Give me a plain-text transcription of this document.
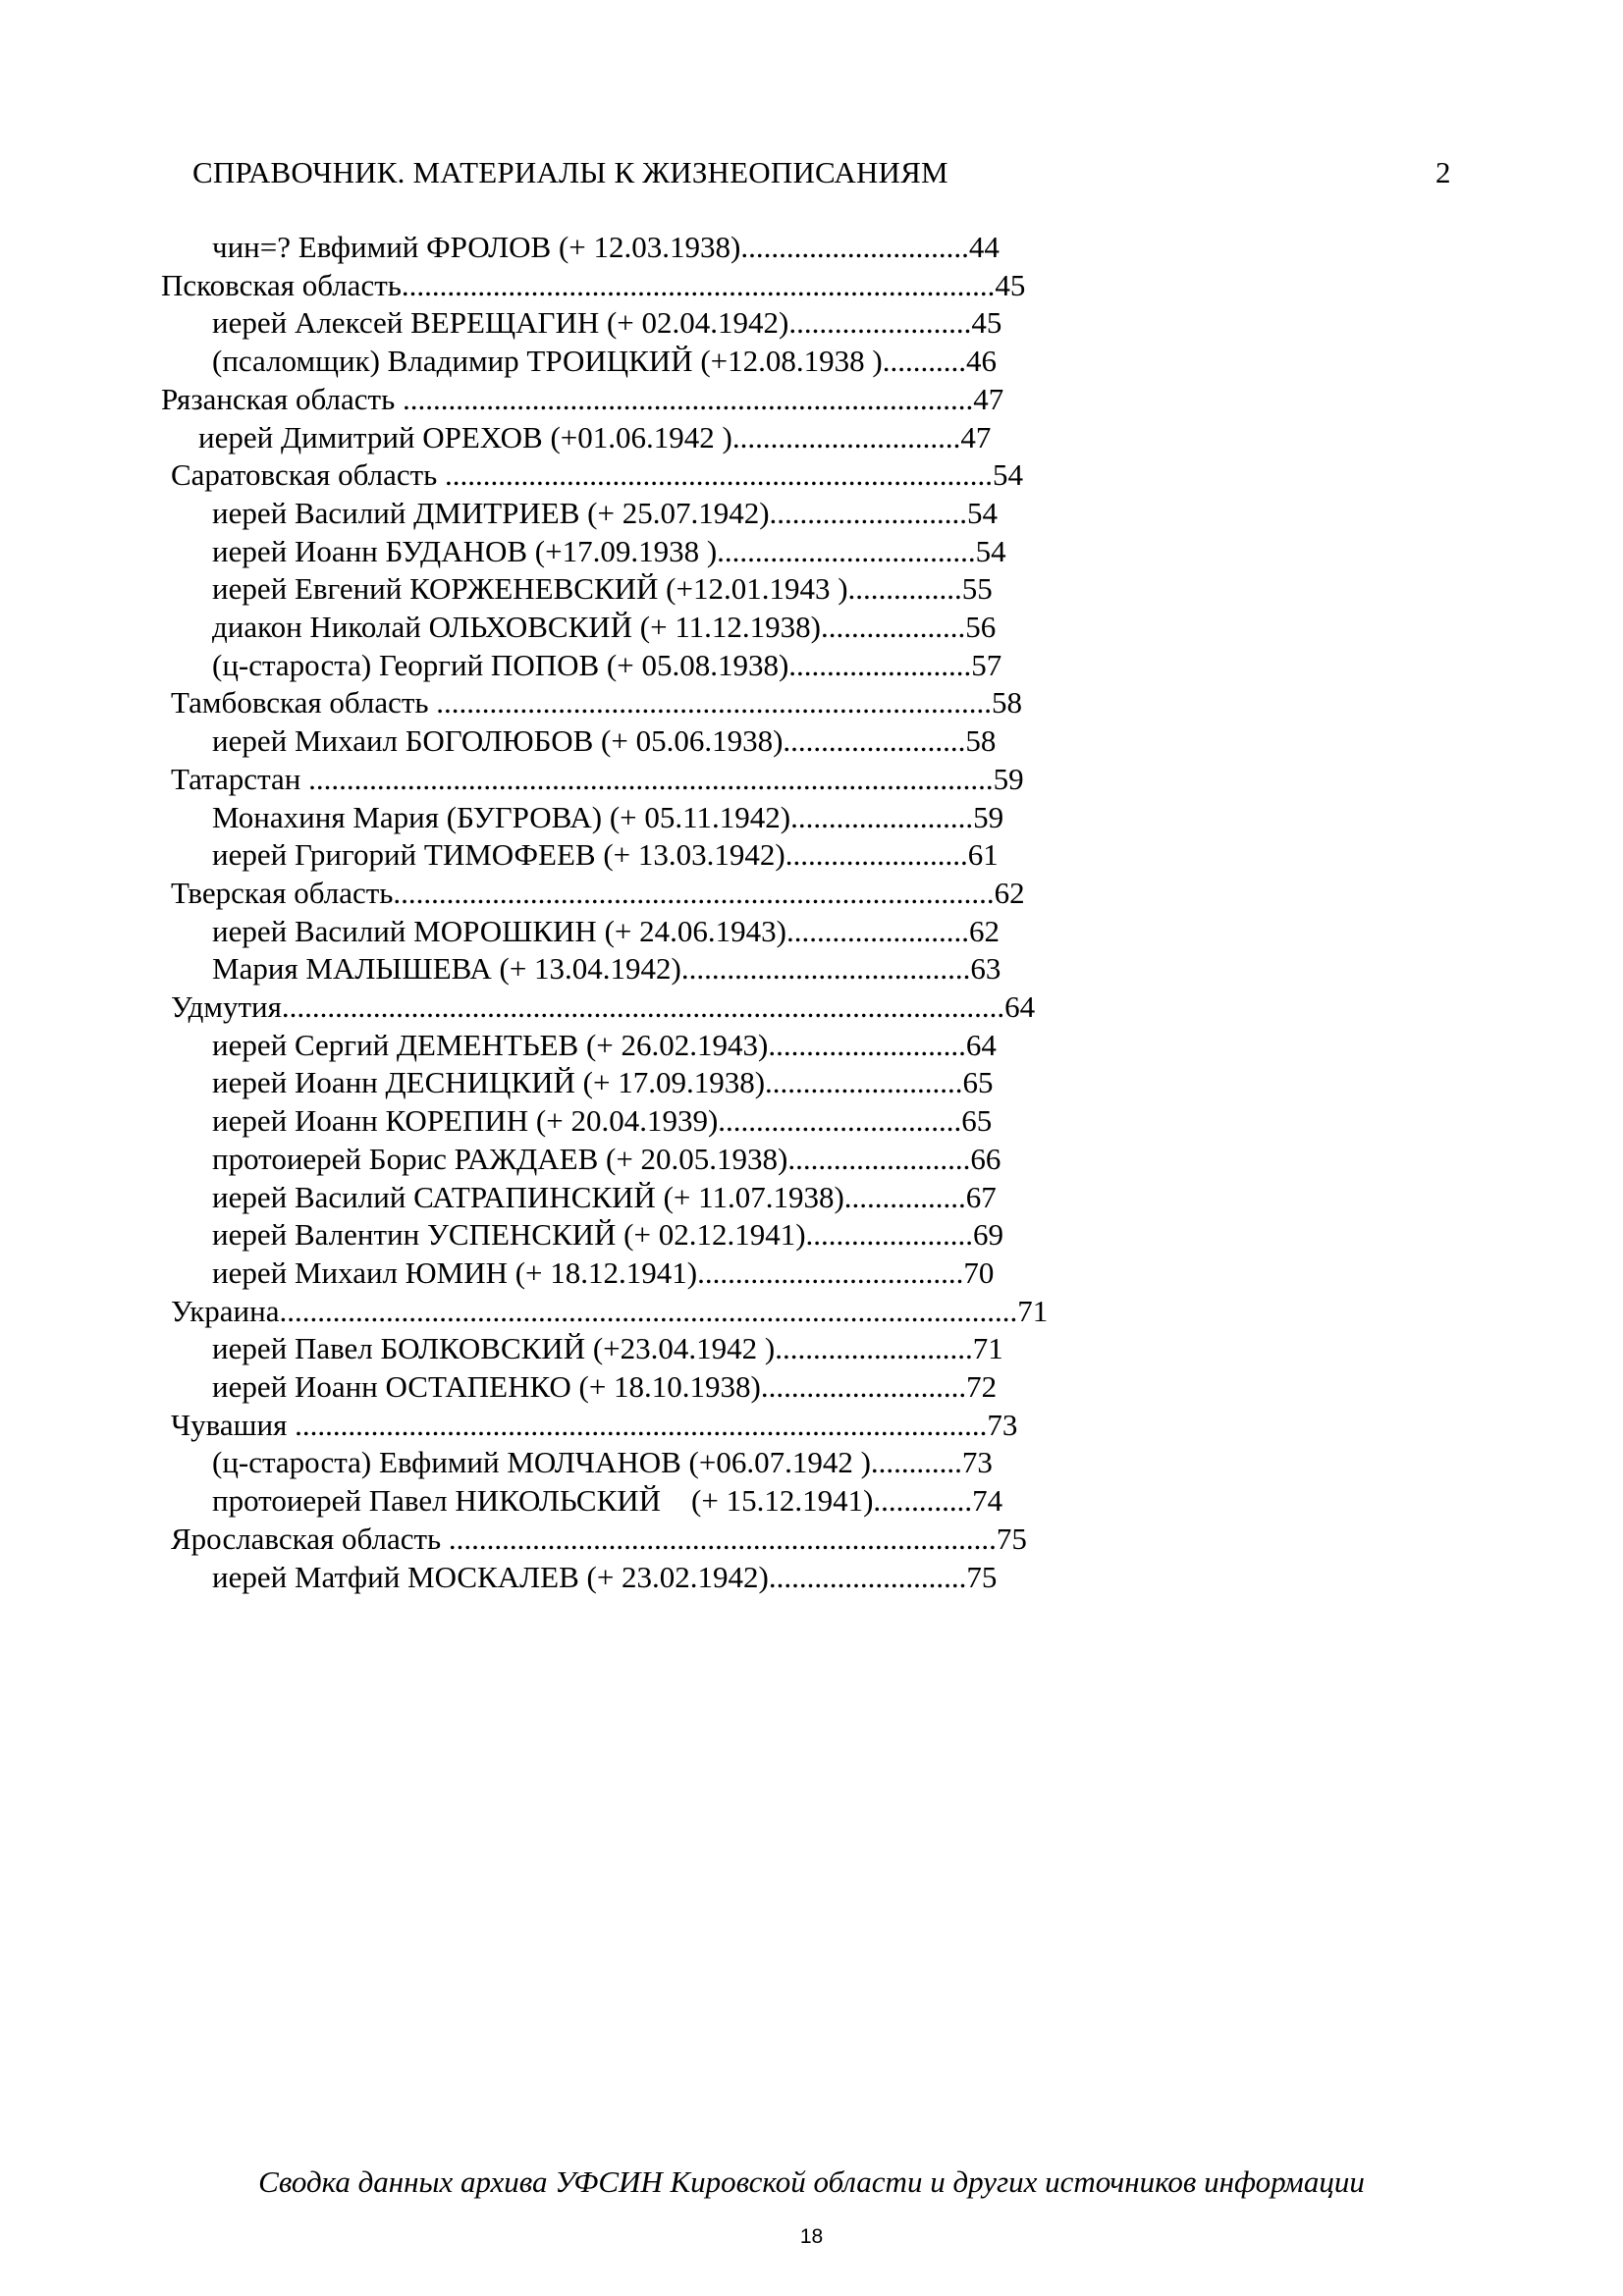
СПРАВОЧНИК. МАТЕРИАЛЫ К ЖИЗНЕОПИСАНИЯМ	2
чин=? Евфимий ФРОЛОВ (+ 12.03.1938)..............................44
Псковская область..............................................................................45
иерей Алексей ВЕРЕЩАГИН (+ 02.04.1942)........................45
(псаломщик) Владимир ТРОИЦКИЙ (+12.08.1938 )...........46
Рязанская область ...........................................................................47
иерей Димитрий ОРЕХОВ (+01.06.1942 )..............................47
Саратовская область ........................................................................54
иерей Василий ДМИТРИЕВ (+ 25.07.1942)..........................54
иерей Иоанн БУДАНОВ (+17.09.1938 )..................................54
иерей Евгений КОРЖЕНЕВСКИЙ (+12.01.1943 )...............55
диакон Николай ОЛЬХОВСКИЙ (+ 11.12.1938)...................56
(ц-староста) Георгий ПОПОВ (+ 05.08.1938)........................57
Тамбовская область .........................................................................58
иерей Михаил БОГОЛЮБОВ (+ 05.06.1938)........................58
Татарстан ..........................................................................................59
Монахиня Мария (БУГРОВА) (+ 05.11.1942)........................59
иерей Григорий ТИМОФЕЕВ (+ 13.03.1942)........................61
Тверская область...............................................................................62
иерей Василий МОРОШКИН (+ 24.06.1943)........................62
Мария МАЛЫШЕВА (+ 13.04.1942)......................................63
Удмутия...............................................................................................64
иерей Сергий ДЕМЕНТЬЕВ (+ 26.02.1943)..........................64
иерей Иоанн ДЕСНИЦКИЙ (+ 17.09.1938)..........................65
иерей Иоанн КОРЕПИН (+ 20.04.1939)................................65
протоиерей Борис РАЖДАЕВ (+ 20.05.1938)........................66
иерей Василий САТРАПИНСКИЙ (+ 11.07.1938)................67
иерей Валентин УСПЕНСКИЙ (+ 02.12.1941)......................69
иерей Михаил ЮМИН (+ 18.12.1941)...................................70
Украина.................................................................................................71
иерей Павел БОЛКОВСКИЙ (+23.04.1942 )..........................71
иерей Иоанн ОСТАПЕНКО (+ 18.10.1938)...........................72
Чувашия ...........................................................................................73
(ц-староста) Евфимий МОЛЧАНОВ (+06.07.1942 )............73
протоиерей Павел НИКОЛЬСКИЙ    (+ 15.12.1941).............74
Ярославская область ........................................................................75
иерей Матфий МОСКАЛЕВ (+ 23.02.1942)..........................75
Сводка данных архива УФСИН Кировской области и других источников информации
18
